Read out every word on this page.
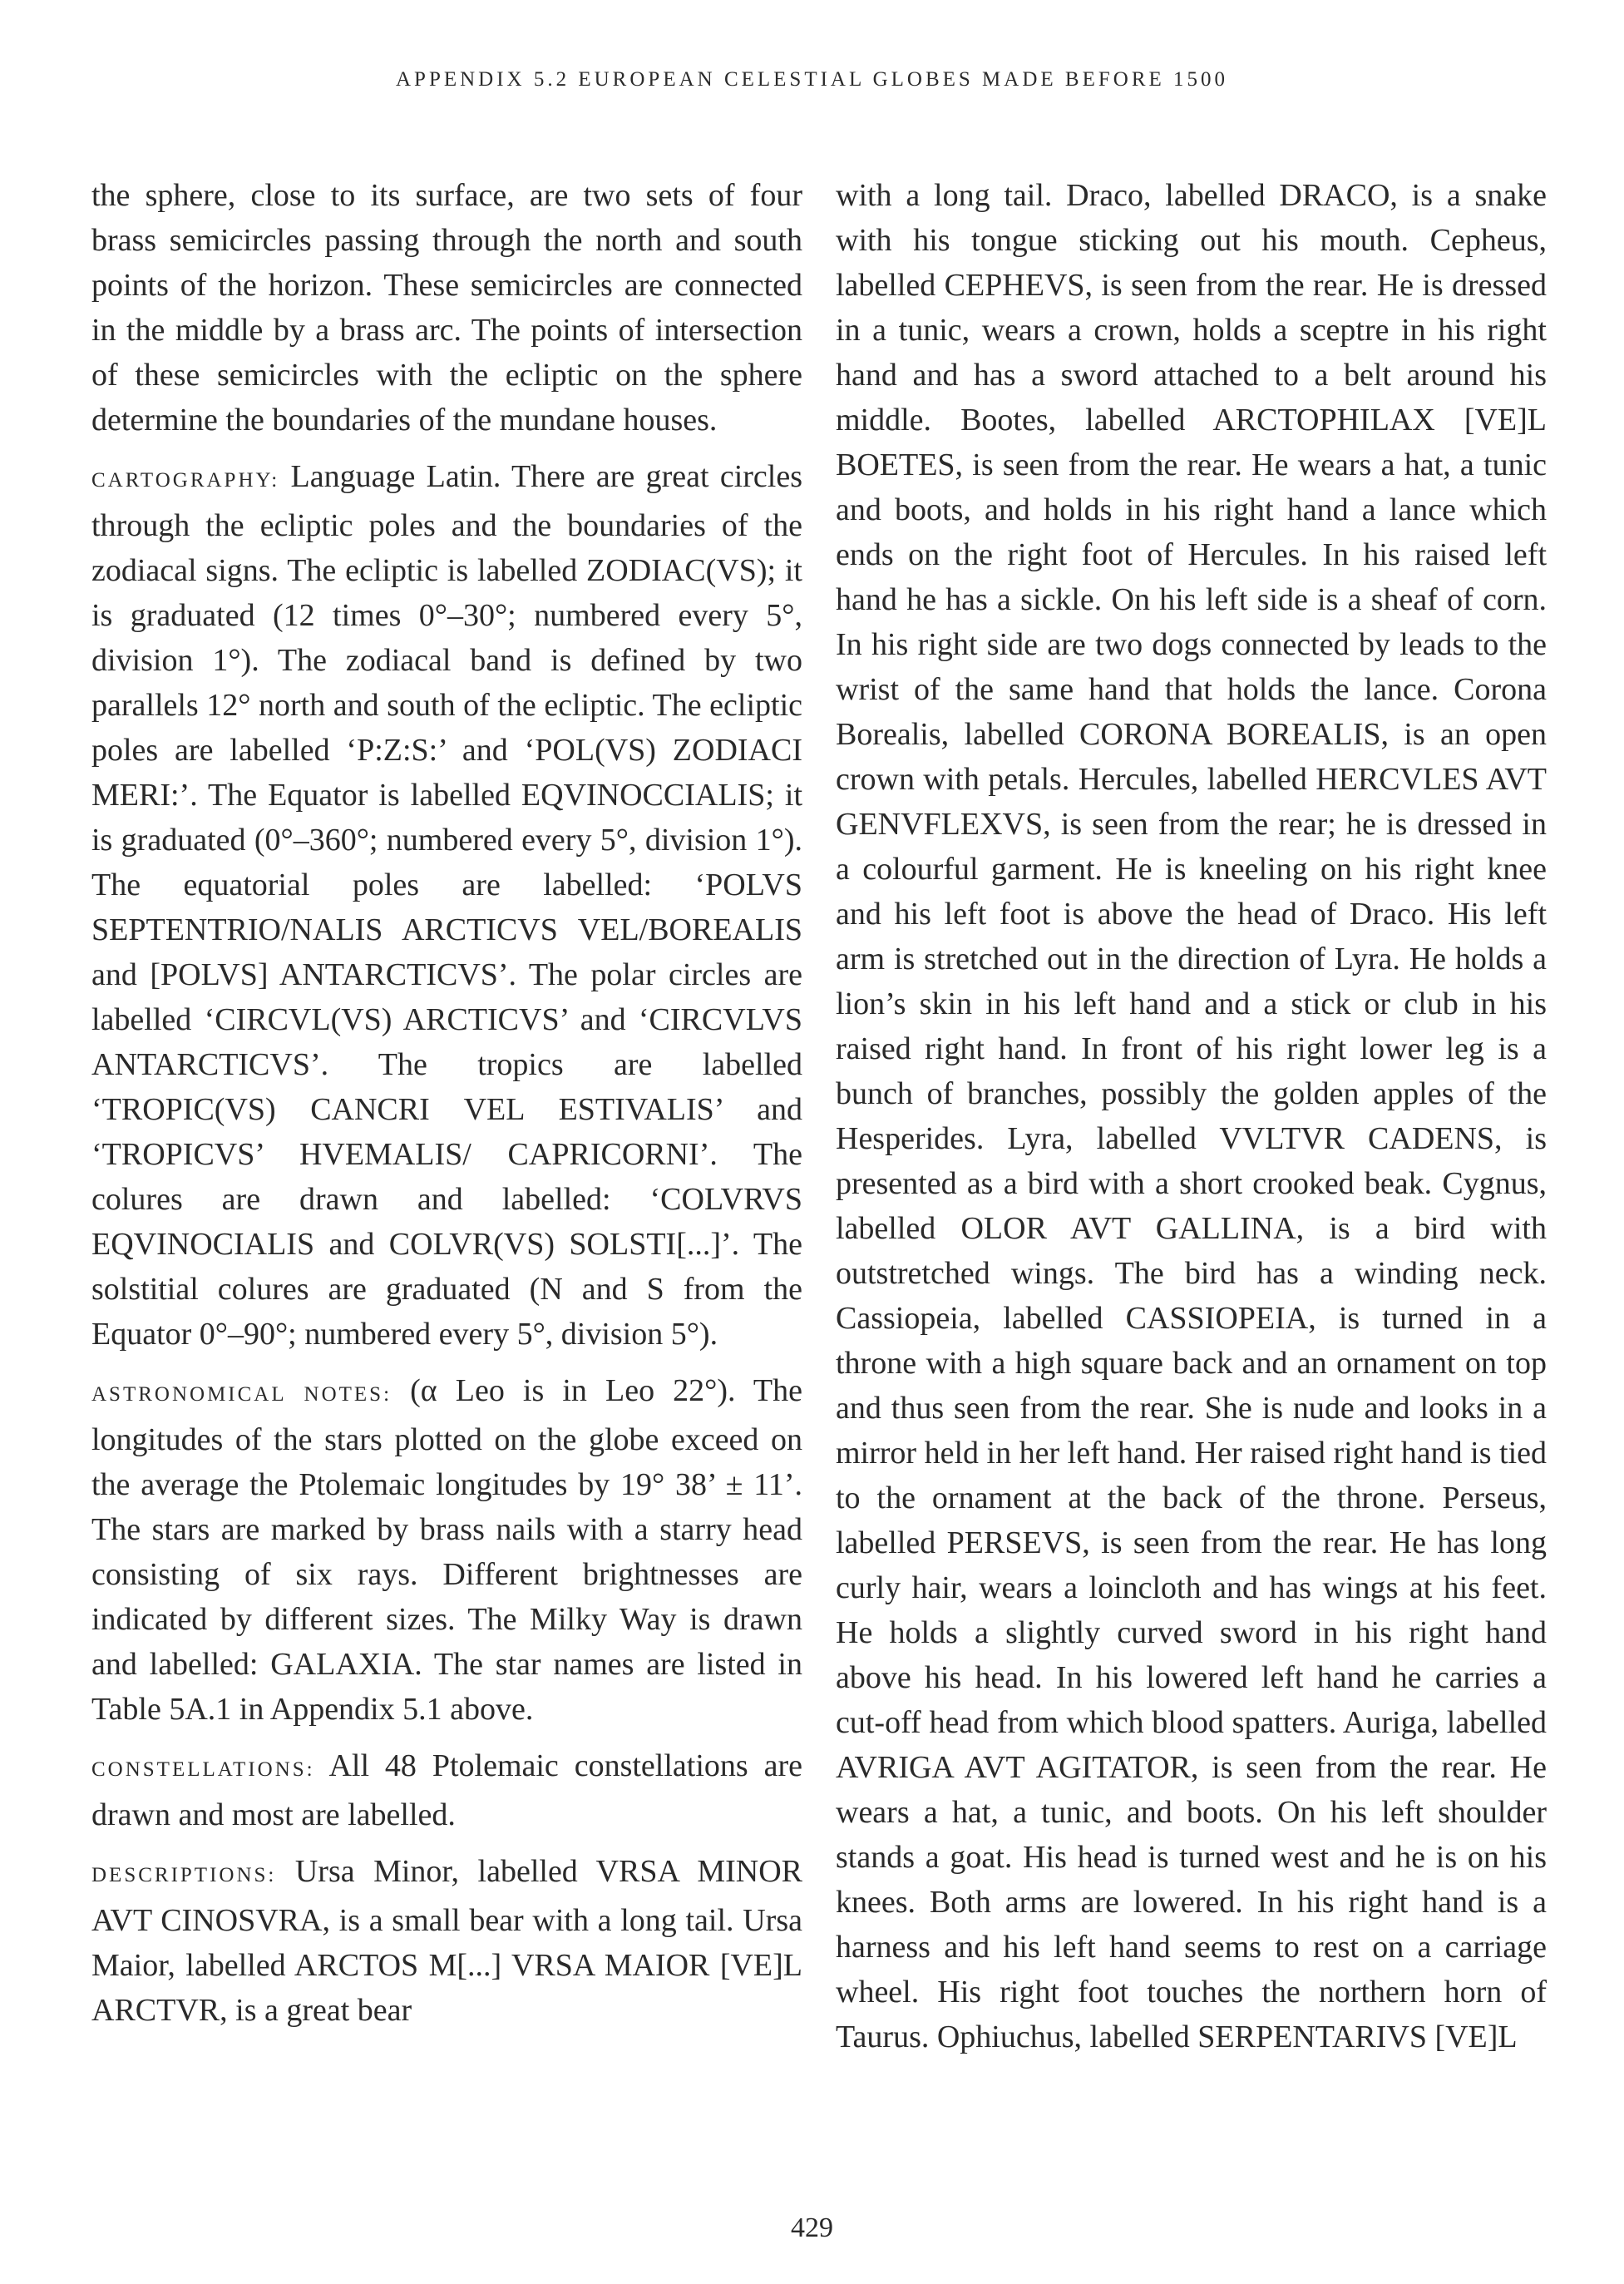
APPENDIX 5.2 EUROPEAN CELESTIAL GLOBES MADE BEFORE 1500

the sphere, close to its surface, are two sets of four brass semicircles passing through the north and south points of the horizon. These semicircles are connected in the middle by a brass arc. The points of intersection of these semicircles with the ecliptic on the sphere determine the boundaries of the mundane houses.

CARTOGRAPHY: Language Latin. There are great circles through the ecliptic poles and the boundaries of the zodiacal signs. The ecliptic is labelled ZODIAC(VS); it is graduated (12 times 0°–30°; numbered every 5°, division 1°). The zodiacal band is defined by two parallels 12° north and south of the ecliptic. The ecliptic poles are labelled ‘P:Z:S:’ and ‘POL(VS) ZODIACI MERI:’. The Equator is labelled EQVINOCCIALIS; it is graduated (0°–360°; numbered every 5°, division 1°). The equatorial poles are labelled: ‘POLVS SEPTENTRIO/NALIS ARCTICVS VEL/BOREALIS and [POLVS] ANTARCTICVS’. The polar circles are labelled ‘CIRCVL(VS) ARCTICVS’ and ‘CIRCVLVS ANTARCTICVS’. The tropics are labelled ‘TROPIC(VS) CANCRI VEL ESTIVALIS’ and ‘TROPICVS’ HVEMALIS/ CAPRICORNI’. The colures are drawn and labelled: ‘COLVRVS EQVINOCIALIS and COLVR(VS) SOLSTI[...]’. The solstitial colures are graduated (N and S from the Equator 0°–90°; numbered every 5°, division 5°).

ASTRONOMICAL NOTES: (α Leo is in Leo 22°). The longitudes of the stars plotted on the globe exceed on the average the Ptolemaic longitudes by 19° 38’ ± 11’. The stars are marked by brass nails with a starry head consisting of six rays. Different brightnesses are indicated by different sizes. The Milky Way is drawn and labelled: GALAXIA. The star names are listed in Table 5A.1 in Appendix 5.1 above.

CONSTELLATIONS: All 48 Ptolemaic constellations are drawn and most are labelled.

DESCRIPTIONS: Ursa Minor, labelled VRSA MINOR AVT CINOSVRA, is a small bear with a long tail. Ursa Maior, labelled ARCTOS M[...] VRSA MAIOR [VE]L ARCTVR, is a great bear

with a long tail. Draco, labelled DRACO, is a snake with his tongue sticking out his mouth. Cepheus, labelled CEPHEVS, is seen from the rear. He is dressed in a tunic, wears a crown, holds a sceptre in his right hand and has a sword attached to a belt around his middle. Bootes, labelled ARCTOPHILAX [VE]L BOETES, is seen from the rear. He wears a hat, a tunic and boots, and holds in his right hand a lance which ends on the right foot of Hercules. In his raised left hand he has a sickle. On his left side is a sheaf of corn. In his right side are two dogs connected by leads to the wrist of the same hand that holds the lance. Corona Borealis, labelled CORONA BOREALIS, is an open crown with petals. Hercules, labelled HERCVLES AVT GENVFLEXVS, is seen from the rear; he is dressed in a colourful garment. He is kneeling on his right knee and his left foot is above the head of Draco. His left arm is stretched out in the direction of Lyra. He holds a lion’s skin in his left hand and a stick or club in his raised right hand. In front of his right lower leg is a bunch of branches, possibly the golden apples of the Hesperides. Lyra, labelled VVLTVR CADENS, is presented as a bird with a short crooked beak. Cygnus, labelled OLOR AVT GALLINA, is a bird with outstretched wings. The bird has a winding neck. Cassiopeia, labelled CASSIOPEIA, is turned in a throne with a high square back and an ornament on top and thus seen from the rear. She is nude and looks in a mirror held in her left hand. Her raised right hand is tied to the ornament at the back of the throne. Perseus, labelled PERSEVS, is seen from the rear. He has long curly hair, wears a loincloth and has wings at his feet. He holds a slightly curved sword in his right hand above his head. In his lowered left hand he carries a cut-off head from which blood spatters. Auriga, labelled AVRIGA AVT AGITATOR, is seen from the rear. He wears a hat, a tunic, and boots. On his left shoulder stands a goat. His head is turned west and he is on his knees. Both arms are lowered. In his right hand is a harness and his left hand seems to rest on a carriage wheel. His right foot touches the northern horn of Taurus. Ophiuchus, labelled SERPENTARIVS [VE]L

429
